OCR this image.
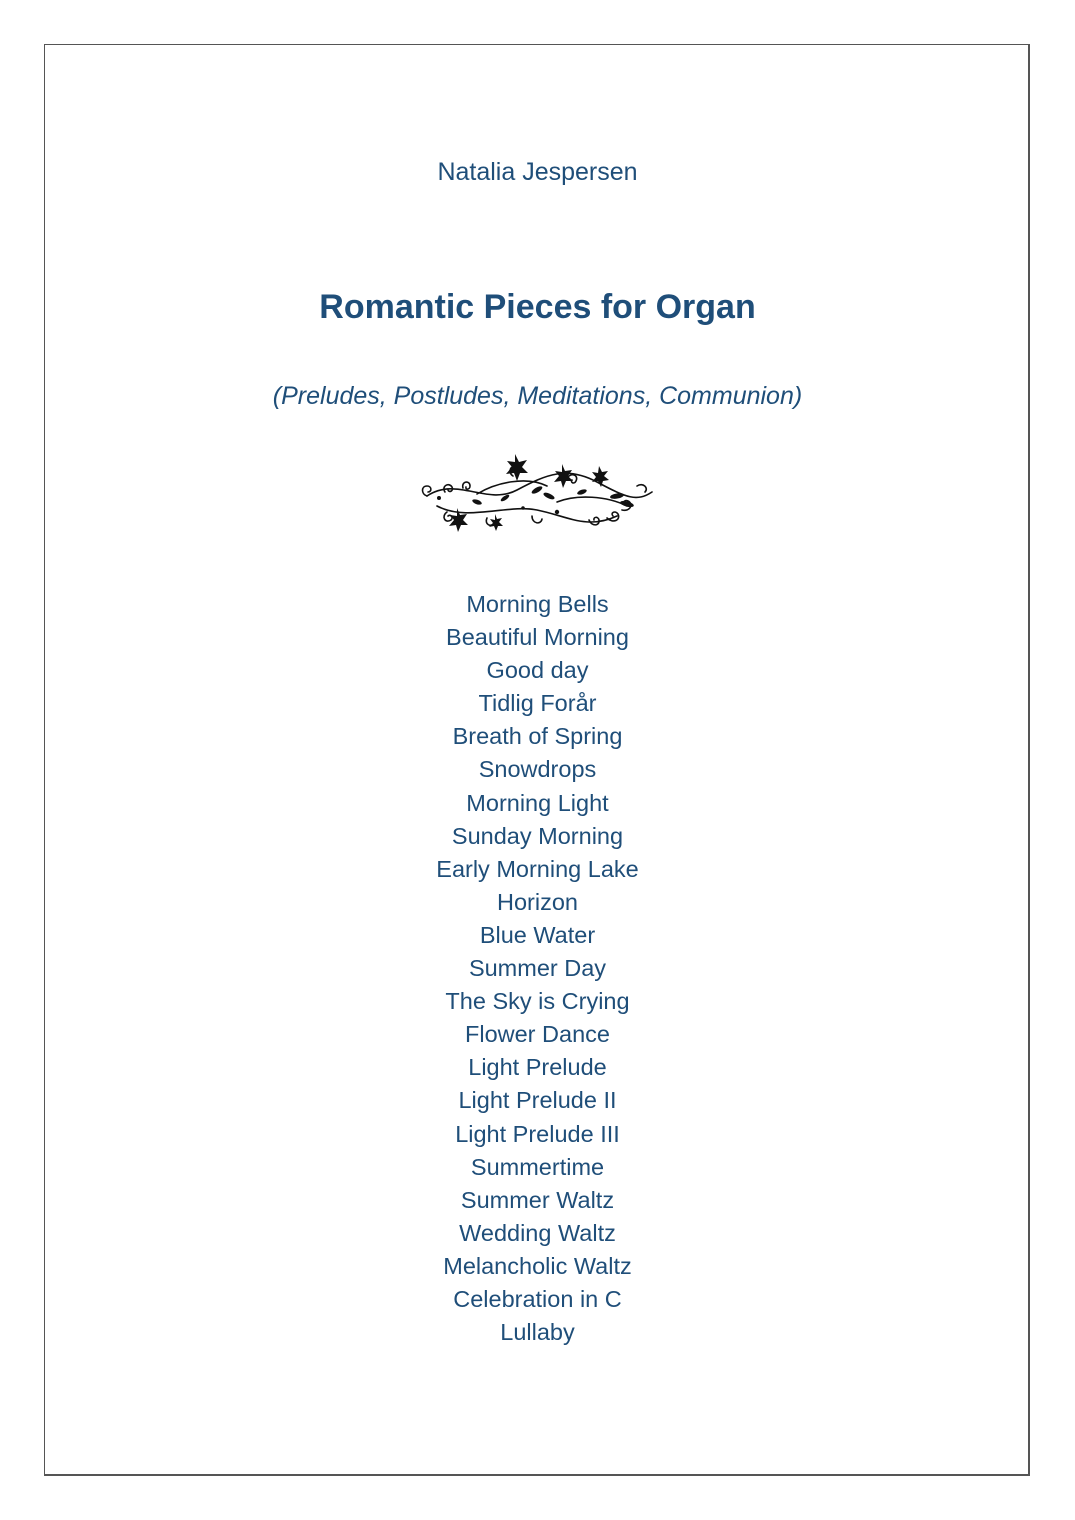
Natalia Jespersen
Romantic Pieces for Organ
(Preludes, Postludes, Meditations, Communion)
Morning Bells
Beautiful Morning
Good day
Tidlig Forår
Breath of Spring
Snowdrops
Morning Light
Sunday Morning
Early Morning Lake
Horizon
Blue Water
Summer Day
The Sky is Crying
Flower Dance
Light Prelude
Light Prelude II
Light Prelude III
Summertime
Summer Waltz
Wedding Waltz
Melancholic Waltz
Celebration in C
Lullaby
